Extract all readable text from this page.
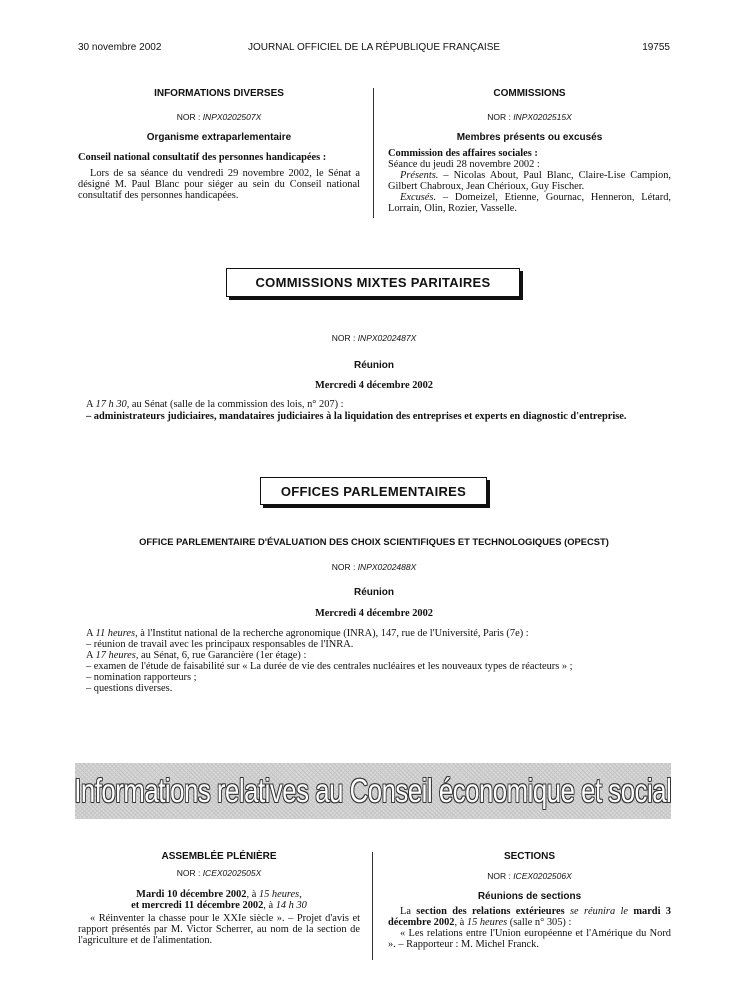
30 novembre 2002	JOURNAL OFFICIEL DE LA RÉPUBLIQUE FRANÇAISE	19755
INFORMATIONS DIVERSES
NOR : INPX0202507X
Organisme extraparlementaire
Conseil national consultatif des personnes handicapées :
Lors de sa séance du vendredi 29 novembre 2002, le Sénat a désigné M. Paul Blanc pour siéger au sein du Conseil national consultatif des personnes handicapées.
COMMISSIONS
NOR : INPX0202515X
Membres présents ou excusés
Commission des affaires sociales :
Séance du jeudi 28 novembre 2002 :
Présents. – Nicolas About, Paul Blanc, Claire-Lise Campion, Gilbert Chabroux, Jean Chérioux, Guy Fischer.
Excusés. – Domeizel, Etienne, Gournac, Henneron, Létard, Lorrain, Olin, Rozier, Vasselle.
COMMISSIONS MIXTES PARITAIRES
NOR : INPX0202487X
Réunion
Mercredi 4 décembre 2002
A 17 h 30, au Sénat (salle de la commission des lois, n° 207) :
– administrateurs judiciaires, mandataires judiciaires à la liquidation des entreprises et experts en diagnostic d'entreprise.
OFFICES PARLEMENTAIRES
OFFICE PARLEMENTAIRE D'ÉVALUATION DES CHOIX SCIENTIFIQUES ET TECHNOLOGIQUES (OPECST)
NOR : INPX0202488X
Réunion
Mercredi 4 décembre 2002
A 11 heures, à l'Institut national de la recherche agronomique (INRA), 147, rue de l'Université, Paris (7e) :
– réunion de travail avec les principaux responsables de l'INRA.
A 17 heures, au Sénat, 6, rue Garancière (1er étage) :
– examen de l'étude de faisabilité sur « La durée de vie des centrales nucléaires et les nouveaux types de réacteurs » ;
– nomination rapporteurs ;
– questions diverses.
Informations relatives au Conseil économique et social
ASSEMBLÉE PLÉNIÈRE
NOR : ICEX0202505X
Mardi 10 décembre 2002, à 15 heures,
et mercredi 11 décembre 2002, à 14 h 30
« Réinventer la chasse pour le XXIe siècle ». – Projet d'avis et rapport présentés par M. Victor Scherrer, au nom de la section de l'agriculture et de l'alimentation.
SECTIONS
NOR : ICEX0202506X
Réunions de sections
La section des relations extérieures se réunira le mardi 3 décembre 2002, à 15 heures (salle n° 305) :
« Les relations entre l'Union européenne et l'Amérique du Nord ». – Rapporteur : M. Michel Franck.
